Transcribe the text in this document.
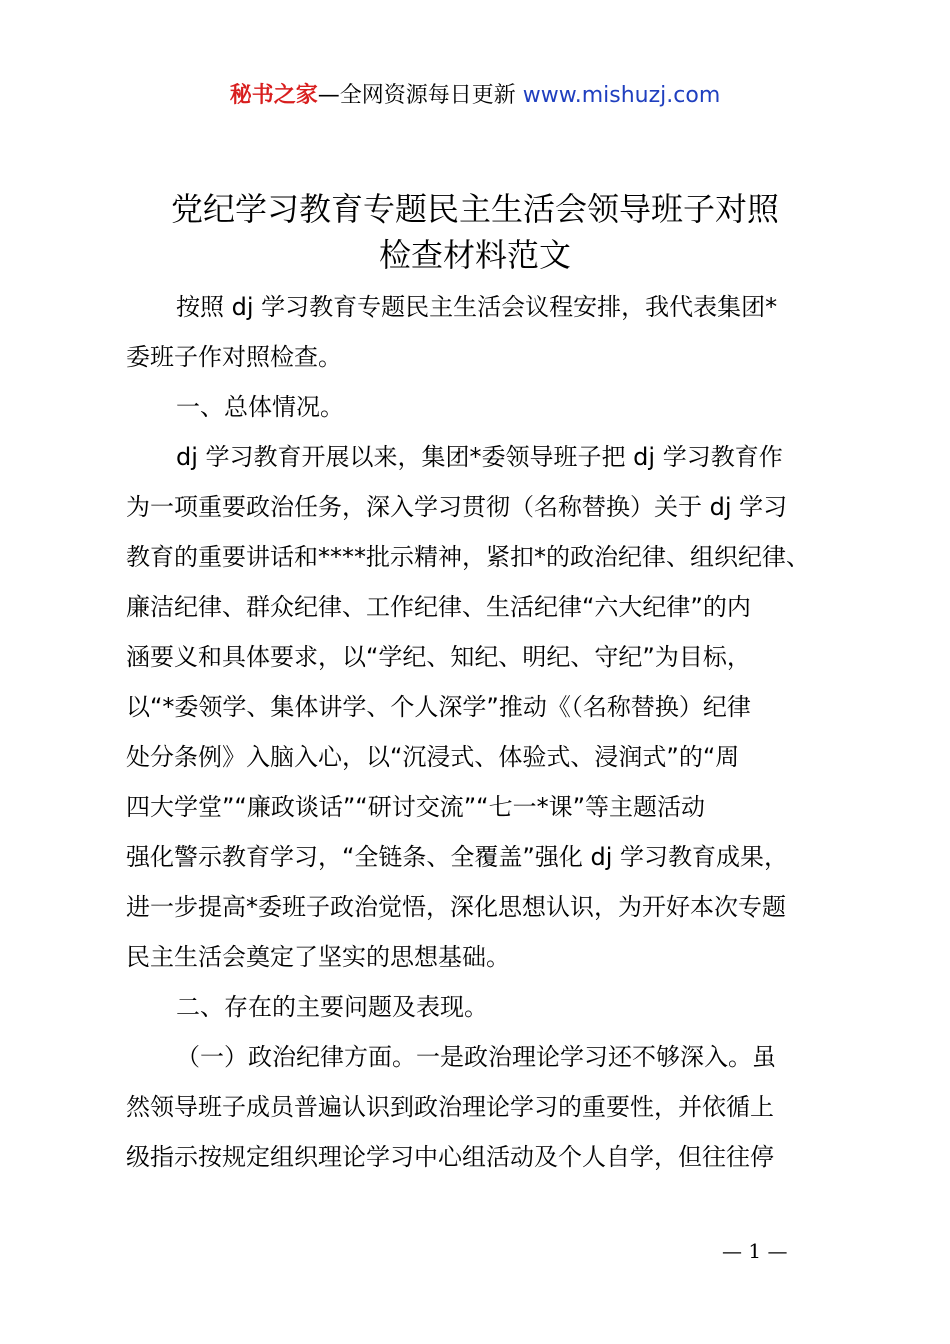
秘书之家—全网资源每日更新 www.mishuzj.com
党纪学习教育专题民主生活会领导班子对照
检查材料范文
按照 dj 学习教育专题民主生活会议程安排，我代表集团*
委班子作对照检查。
一、总体情况。
dj 学习教育开展以来，集团*委领导班子把 dj 学习教育作
为一项重要政治任务，深入学习贯彻（名称替换）关于 dj 学习
教育的重要讲话和****批示精神，紧扣*的政治纪律、组织纪律、
廉洁纪律、群众纪律、工作纪律、生活纪律“六大纪律”的内
涵要义和具体要求，以“学纪、知纪、明纪、守纪”为目标，
以“*委领学、集体讲学、个人深学”推动《（名称替换）纪律
处分条例》入脑入心，以“沉浸式、体验式、浸润式”的“周
四大学堂”“廉政谈话”“研讨交流”“七一*课”等主题活动
强化警示教育学习，“全链条、全覆盖”强化 dj 学习教育成果，
进一步提高*委班子政治觉悟，深化思想认识，为开好本次专题
民主生活会奠定了坚实的思想基础。
二、存在的主要问题及表现。
（一）政治纪律方面。一是政治理论学习还不够深入。虽
然领导班子成员普遍认识到政治理论学习的重要性，并依循上
级指示按规定组织理论学习中心组活动及个人自学，但往往停
— 1 —
